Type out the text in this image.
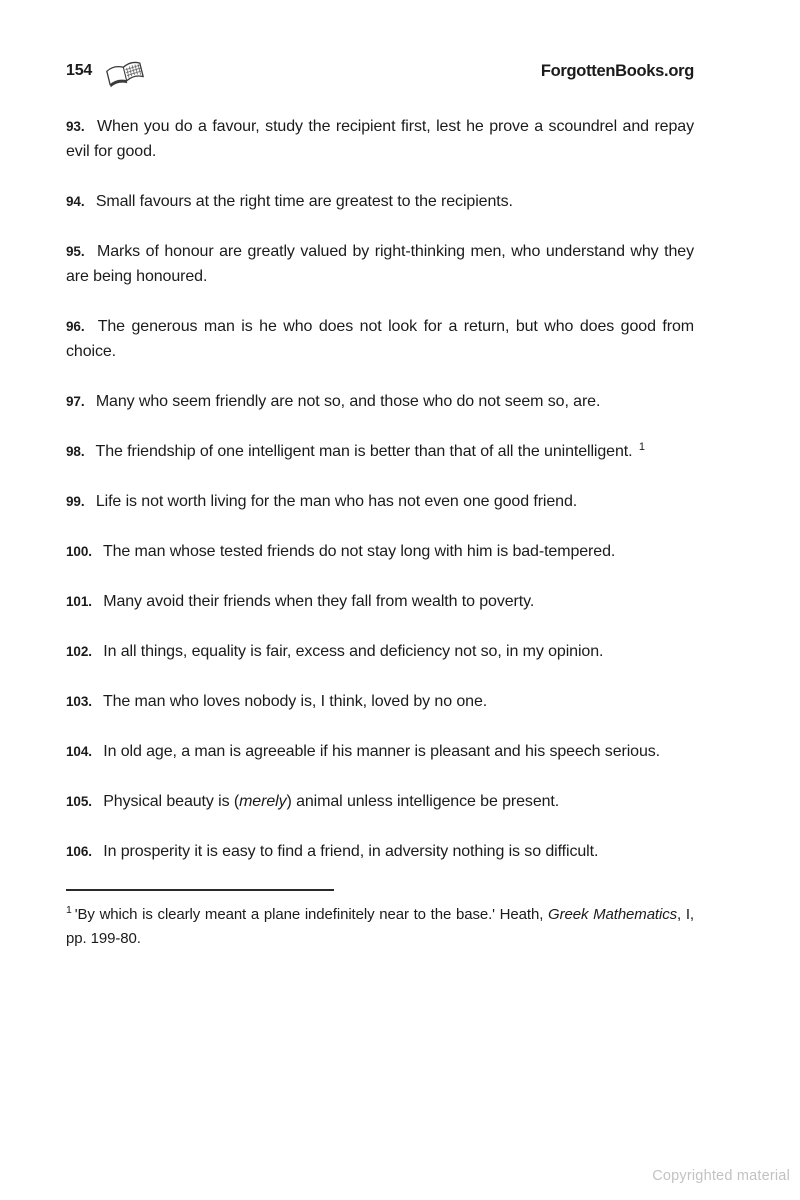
154	ForgottenBooks.org

93. When you do a favour, study the recipient first, lest he prove a scoundrel and repay evil for good.

94. Small favours at the right time are greatest to the recipients.

95. Marks of honour are greatly valued by right-thinking men, who understand why they are being honoured.

96. The generous man is he who does not look for a return, but who does good from choice.

97. Many who seem friendly are not so, and those who do not seem so, are.

98. The friendship of one intelligent man is better than that of all the unintelligent. $^1$

99. Life is not worth living for the man who has not even one good friend.

100. The man whose tested friends do not stay long with him is bad-tempered.

101. Many avoid their friends when they fall from wealth to poverty.

102. In all things, equality is fair, excess and deficiency not so, in my opinion.

103. The man who loves nobody is, I think, loved by no one.

104. In old age, a man is agreeable if his manner is pleasant and his speech serious.

105. Physical beauty is (merely) animal unless intelligence be present.

106. In prosperity it is easy to find a friend, in adversity nothing is so difficult.

$^1$ 'By which is clearly meant a plane indefinitely near to the base.' Heath, Greek Mathematics, I, pp. 199-80.

Copyrighted material
